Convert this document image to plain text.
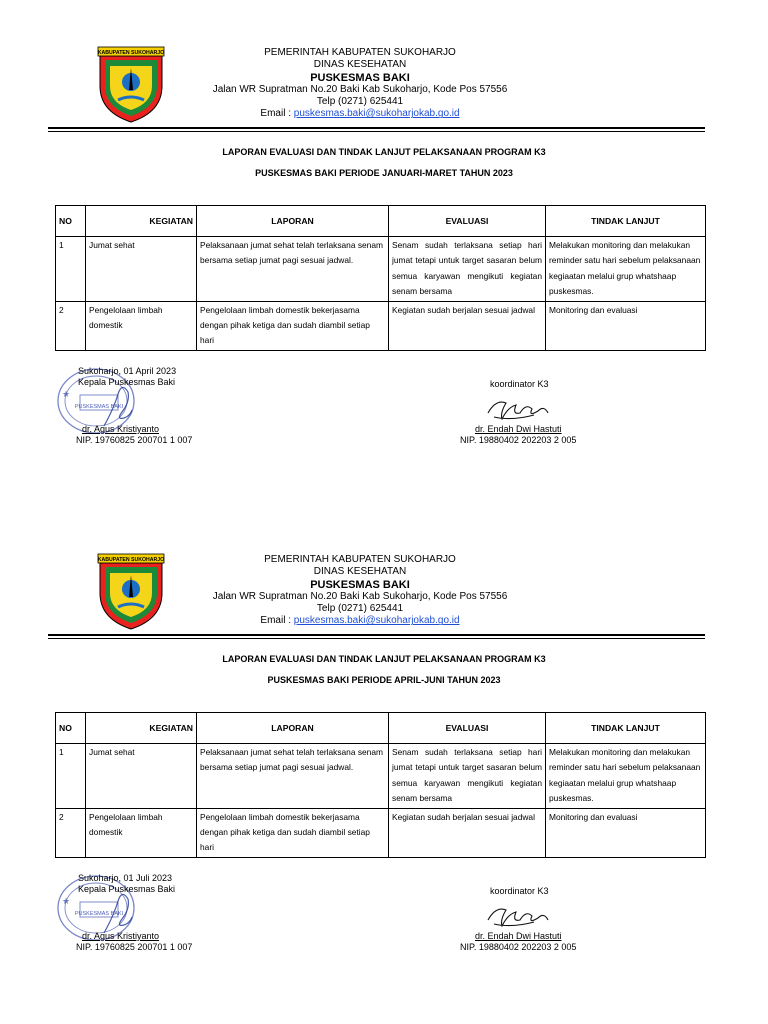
KABUPATEN SUKOHARJO	PEMERINTAH KABUPATEN SUKOHARJO
DINAS KESEHATAN
PUSKESMAS BAKI
Jalan WR Supratman No.20 Baki Kab Sukoharjo, Kode Pos 57556
Telp (0271) 625441
Email : puskesmas.baki@sukoharjokab.go.id
LAPORAN EVALUASI DAN TINDAK LANJUT PELAKSANAAN PROGRAM K3
PUSKESMAS BAKI PERIODE JANUARI-MARET TAHUN 2023
NO	KEGIATAN	LAPORAN	EVALUASI	TINDAK LANJUT
1	Jumat sehat	Pelaksanaan jumat sehat telah terlaksana senam bersama setiap jumat pagi sesuai jadwal.	Senam sudah terlaksana setiap hari jumat tetapi untuk target sasaran belum semua karyawan mengikuti kegiatan senam bersama	Melakukan monitoring dan melakukan reminder satu hari sebelum pelaksanaan kegiaatan melalui grup whatshaap puskesmas.
2	Pengelolaan limbah domestik	Pengelolaan limbah domestik bekerjasama dengan pihak ketiga dan sudah diambil setiap hari	Kegiatan sudah berjalan sesuai jadwal	Monitoring dan evaluasi
PUSKESMAS BAKI
★
Sukoharjo, 01 April 2023
Kepala Puskesmas Baki
dr. Agus Kristiyanto
NIP. 19760825 200701 1 007
koordinator K3
dr. Endah Dwi Hastuti
NIP. 19880402 202203 2 005
KABUPATEN SUKOHARJO	PEMERINTAH KABUPATEN SUKOHARJO
DINAS KESEHATAN
PUSKESMAS BAKI
Jalan WR Supratman No.20 Baki Kab Sukoharjo, Kode Pos 57556
Telp (0271) 625441
Email : puskesmas.baki@sukoharjokab.go.id
LAPORAN EVALUASI DAN TINDAK LANJUT PELAKSANAAN PROGRAM K3
PUSKESMAS BAKI PERIODE APRIL-JUNI TAHUN 2023
NO	KEGIATAN	LAPORAN	EVALUASI	TINDAK LANJUT
1	Jumat sehat	Pelaksanaan jumat sehat telah terlaksana senam bersama setiap jumat pagi sesuai jadwal.	Senam sudah terlaksana setiap hari jumat tetapi untuk target sasaran belum semua karyawan mengikuti kegiatan senam bersama	Melakukan monitoring dan melakukan reminder satu hari sebelum pelaksanaan kegiaatan melalui grup whatshaap puskesmas.
2	Pengelolaan limbah domestik	Pengelolaan limbah domestik bekerjasama dengan pihak ketiga dan sudah diambil setiap hari	Kegiatan sudah berjalan sesuai jadwal	Monitoring dan evaluasi
PUSKESMAS BAKI
★
Sukoharjo, 01 Juli 2023
Kepala Puskesmas Baki
dr. Agus Kristiyanto
NIP. 19760825 200701 1 007
koordinator K3
dr. Endah Dwi Hastuti
NIP. 19880402 202203 2 005
